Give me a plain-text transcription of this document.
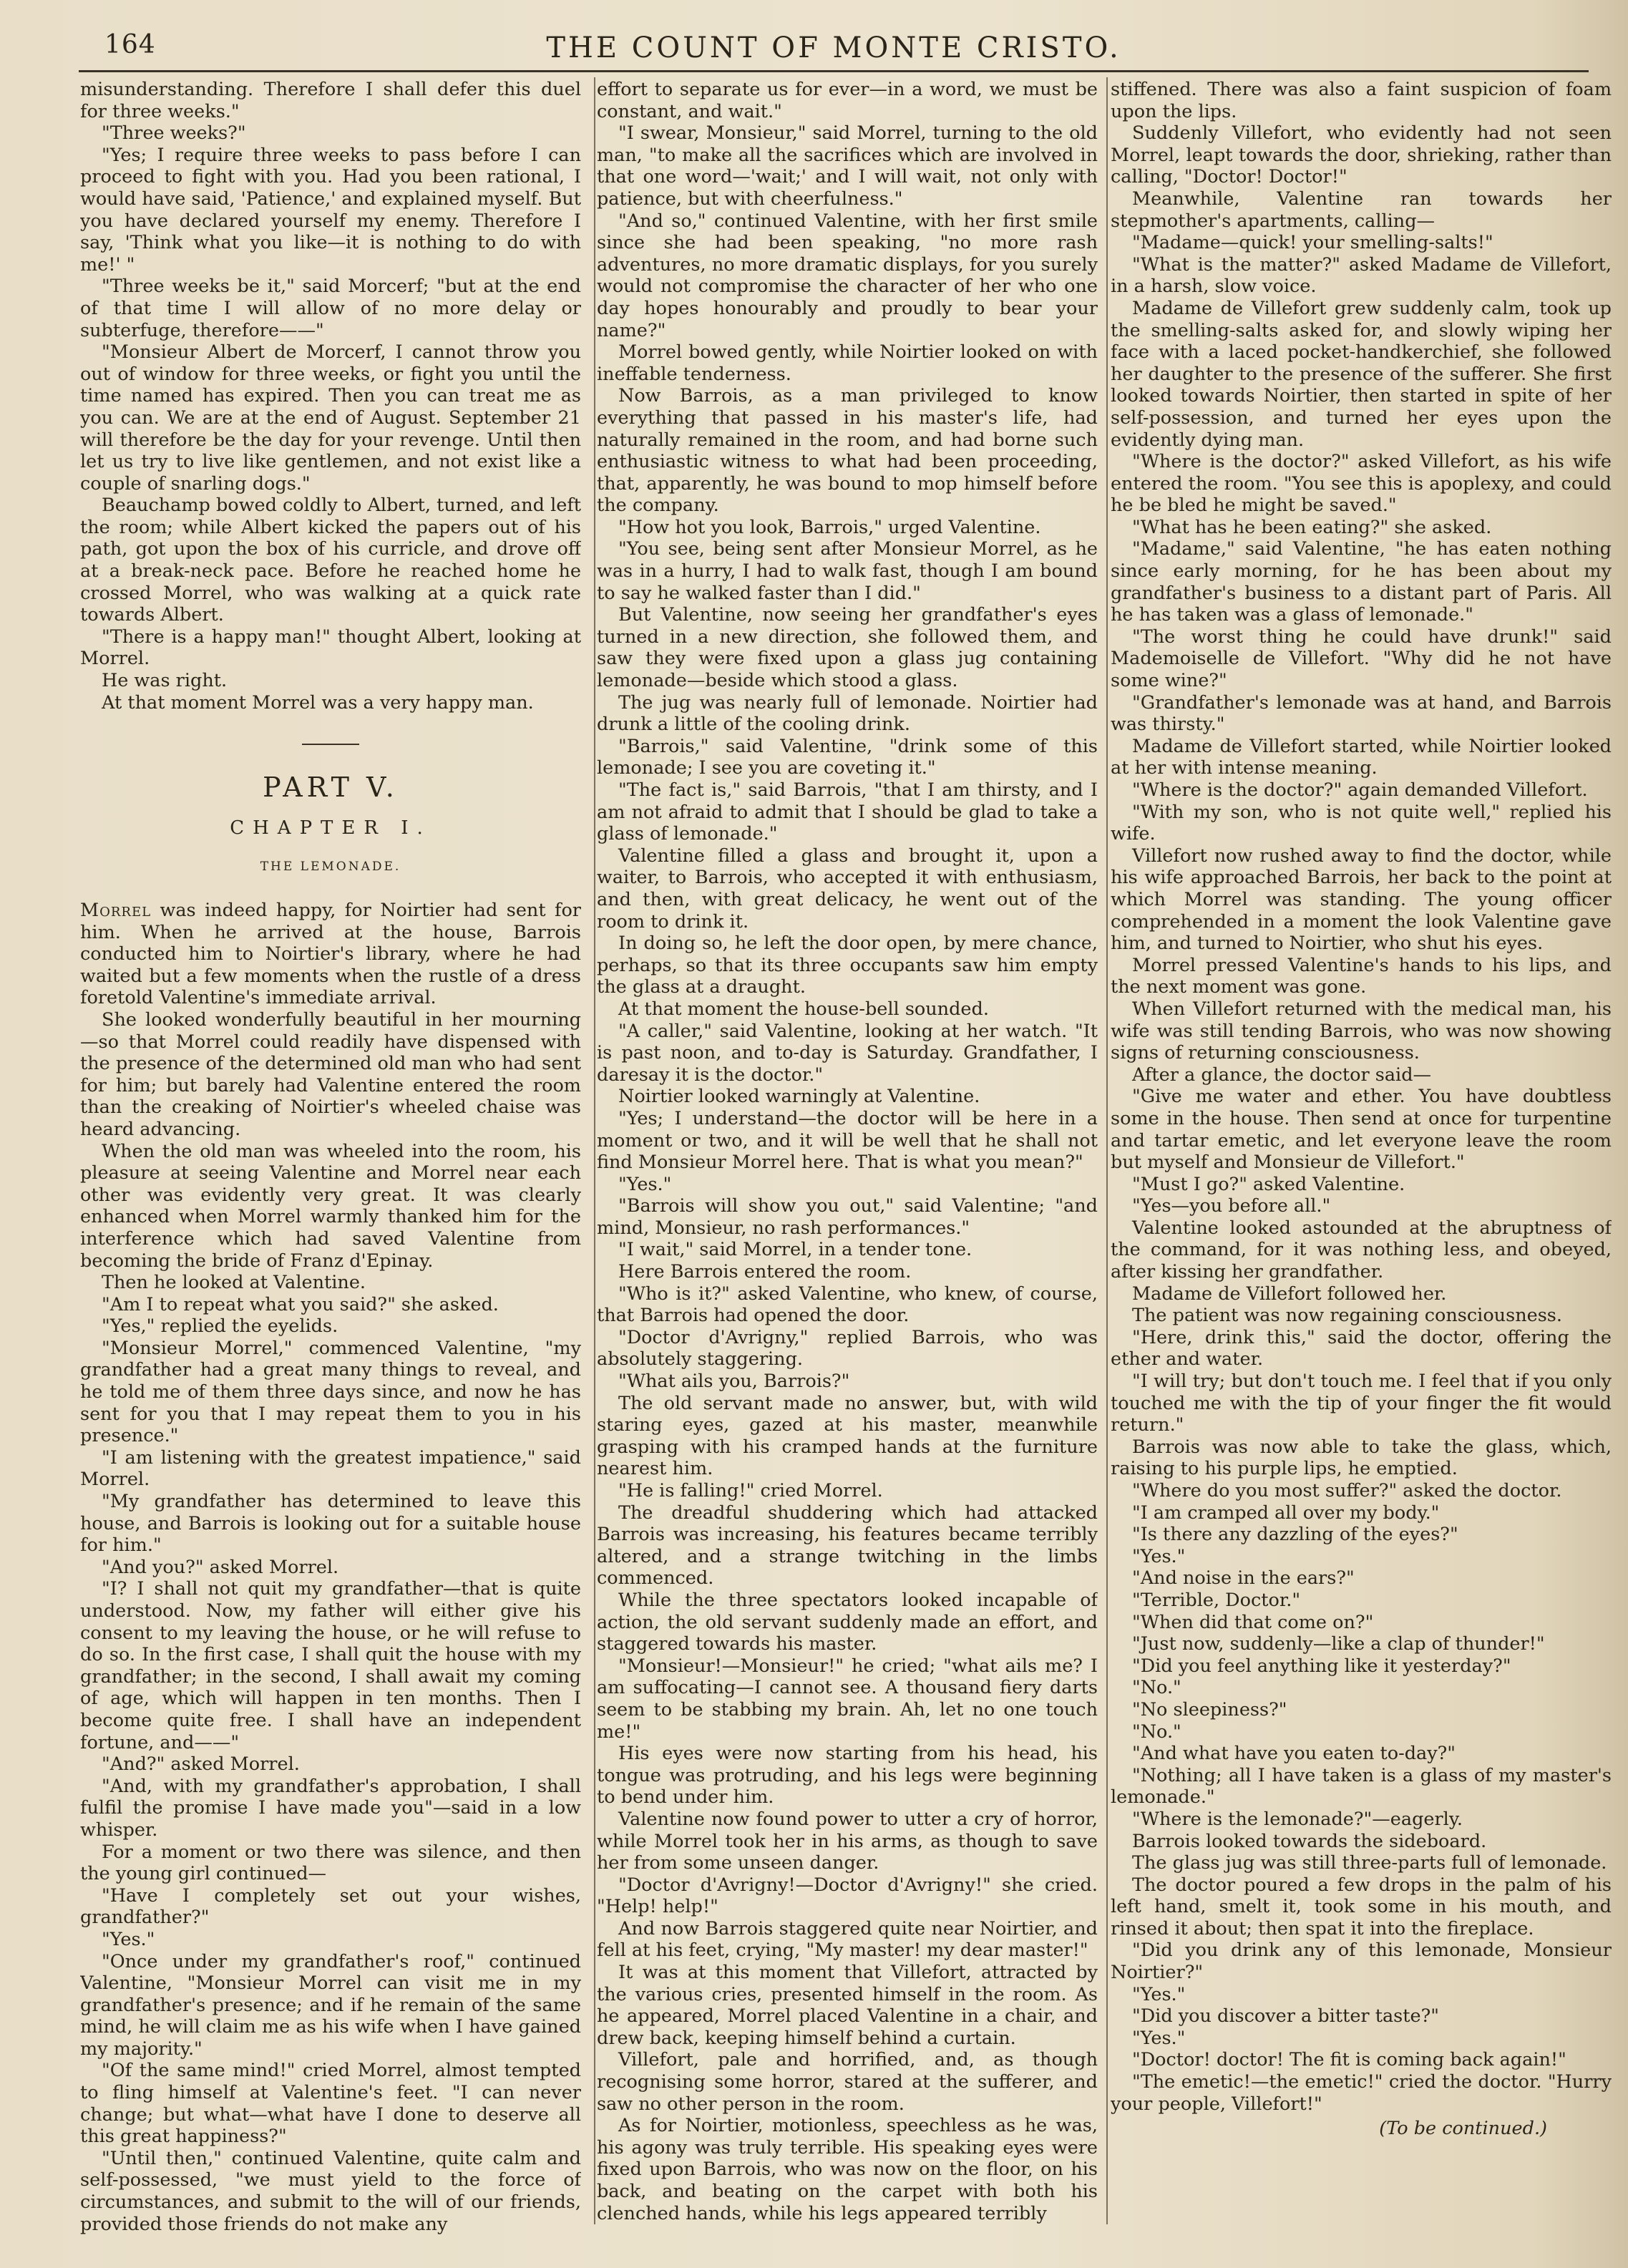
164	THE COUNT OF MONTE CRISTO.

misunderstanding. Therefore I shall defer this duel for three weeks."

"Three weeks?"

"Yes; I require three weeks to pass before I can proceed to fight with you. Had you been rational, I would have said, 'Patience,' and explained myself. But you have declared yourself my enemy. Therefore I say, 'Think what you like—it is nothing to do with me!' "

"Three weeks be it," said Morcerf; "but at the end of that time I will allow of no more delay or subterfuge, therefore——"

"Monsieur Albert de Morcerf, I cannot throw you out of window for three weeks, or fight you until the time named has expired. Then you can treat me as you can. We are at the end of August. September 21 will therefore be the day for your revenge. Until then let us try to live like gentlemen, and not exist like a couple of snarling dogs."

Beauchamp bowed coldly to Albert, turned, and left the room; while Albert kicked the papers out of his path, got upon the box of his curricle, and drove off at a break-neck pace. Before he reached home he crossed Morrel, who was walking at a quick rate towards Albert.

"There is a happy man!" thought Albert, looking at Morrel.

He was right.

At that moment Morrel was a very happy man.

PART V.
CHAPTER I.
THE LEMONADE.

Morrel was indeed happy, for Noirtier had sent for him. When he arrived at the house, Barrois conducted him to Noirtier's library, where he had waited but a few moments when the rustle of a dress foretold Valentine's immediate arrival.

She looked wonderfully beautiful in her mourning—so that Morrel could readily have dispensed with the presence of the determined old man who had sent for him; but barely had Valentine entered the room than the creaking of Noirtier's wheeled chaise was heard advancing.

When the old man was wheeled into the room, his pleasure at seeing Valentine and Morrel near each other was evidently very great. It was clearly enhanced when Morrel warmly thanked him for the interference which had saved Valentine from becoming the bride of Franz d'Epinay.

Then he looked at Valentine.

"Am I to repeat what you said?" she asked.

"Yes," replied the eyelids.

"Monsieur Morrel," commenced Valentine, "my grandfather had a great many things to reveal, and he told me of them three days since, and now he has sent for you that I may repeat them to you in his presence."

"I am listening with the greatest impatience," said Morrel.

"My grandfather has determined to leave this house, and Barrois is looking out for a suitable house for him."

"And you?" asked Morrel.

"I? I shall not quit my grandfather—that is quite understood. Now, my father will either give his consent to my leaving the house, or he will refuse to do so. In the first case, I shall quit the house with my grandfather; in the second, I shall await my coming of age, which will happen in ten months. Then I become quite free. I shall have an independent fortune, and——"

"And?" asked Morrel.

"And, with my grandfather's approbation, I shall fulfil the promise I have made you"—said in a low whisper.

For a moment or two there was silence, and then the young girl continued—

"Have I completely set out your wishes, grandfather?"

"Yes."

"Once under my grandfather's roof," continued Valentine, "Monsieur Morrel can visit me in my grandfather's presence; and if he remain of the same mind, he will claim me as his wife when I have gained my majority."

"Of the same mind!" cried Morrel, almost tempted to fling himself at Valentine's feet. "I can never change; but what—what have I done to deserve all this great happiness?"

"Until then," continued Valentine, quite calm and self-possessed, "we must yield to the force of circumstances, and submit to the will of our friends, provided those friends do not make any

effort to separate us for ever—in a word, we must be constant, and wait."

"I swear, Monsieur," said Morrel, turning to the old man, "to make all the sacrifices which are involved in that one word—'wait;' and I will wait, not only with patience, but with cheerfulness."

"And so," continued Valentine, with her first smile since she had been speaking, "no more rash adventures, no more dramatic displays, for you surely would not compromise the character of her who one day hopes honourably and proudly to bear your name?"

Morrel bowed gently, while Noirtier looked on with ineffable tenderness.

Now Barrois, as a man privileged to know everything that passed in his master's life, had naturally remained in the room, and had borne such enthusiastic witness to what had been proceeding, that, apparently, he was bound to mop himself before the company.

"How hot you look, Barrois," urged Valentine.

"You see, being sent after Monsieur Morrel, as he was in a hurry, I had to walk fast, though I am bound to say he walked faster than I did."

But Valentine, now seeing her grandfather's eyes turned in a new direction, she followed them, and saw they were fixed upon a glass jug containing lemonade—beside which stood a glass.

The jug was nearly full of lemonade. Noirtier had drunk a little of the cooling drink.

"Barrois," said Valentine, "drink some of this lemonade; I see you are coveting it."

"The fact is," said Barrois, "that I am thirsty, and I am not afraid to admit that I should be glad to take a glass of lemonade."

Valentine filled a glass and brought it, upon a waiter, to Barrois, who accepted it with enthusiasm, and then, with great delicacy, he went out of the room to drink it.

In doing so, he left the door open, by mere chance, perhaps, so that its three occupants saw him empty the glass at a draught.

At that moment the house-bell sounded.

"A caller," said Valentine, looking at her watch. "It is past noon, and to-day is Saturday. Grandfather, I daresay it is the doctor."

Noirtier looked warningly at Valentine.

"Yes; I understand—the doctor will be here in a moment or two, and it will be well that he shall not find Monsieur Morrel here. That is what you mean?"

"Yes."

"Barrois will show you out," said Valentine; "and mind, Monsieur, no rash performances."

"I wait," said Morrel, in a tender tone.

Here Barrois entered the room.

"Who is it?" asked Valentine, who knew, of course, that Barrois had opened the door.

"Doctor d'Avrigny," replied Barrois, who was absolutely staggering.

"What ails you, Barrois?"

The old servant made no answer, but, with wild staring eyes, gazed at his master, meanwhile grasping with his cramped hands at the furniture nearest him.

"He is falling!" cried Morrel.

The dreadful shuddering which had attacked Barrois was increasing, his features became terribly altered, and a strange twitching in the limbs commenced.

While the three spectators looked incapable of action, the old servant suddenly made an effort, and staggered towards his master.

"Monsieur!—Monsieur!" he cried; "what ails me? I am suffocating—I cannot see. A thousand fiery darts seem to be stabbing my brain. Ah, let no one touch me!"

His eyes were now starting from his head, his tongue was protruding, and his legs were beginning to bend under him.

Valentine now found power to utter a cry of horror, while Morrel took her in his arms, as though to save her from some unseen danger.

"Doctor d'Avrigny!—Doctor d'Avrigny!" she cried. "Help! help!"

And now Barrois staggered quite near Noirtier, and fell at his feet, crying, "My master! my dear master!"

It was at this moment that Villefort, attracted by the various cries, presented himself in the room. As he appeared, Morrel placed Valentine in a chair, and drew back, keeping himself behind a curtain.

Villefort, pale and horrified, and, as though recognising some horror, stared at the sufferer, and saw no other person in the room.

As for Noirtier, motionless, speechless as he was, his agony was truly terrible. His speaking eyes were fixed upon Barrois, who was now on the floor, on his back, and beating on the carpet with both his clenched hands, while his legs appeared terribly

stiffened. There was also a faint suspicion of foam upon the lips.

Suddenly Villefort, who evidently had not seen Morrel, leapt towards the door, shrieking, rather than calling, "Doctor! Doctor!"

Meanwhile, Valentine ran towards her stepmother's apartments, calling—

"Madame—quick! your smelling-salts!"

"What is the matter?" asked Madame de Villefort, in a harsh, slow voice.

Madame de Villefort grew suddenly calm, took up the smelling-salts asked for, and slowly wiping her face with a laced pocket-handkerchief, she followed her daughter to the presence of the sufferer. She first looked towards Noirtier, then started in spite of her self-possession, and turned her eyes upon the evidently dying man.

"Where is the doctor?" asked Villefort, as his wife entered the room. "You see this is apoplexy, and could he be bled he might be saved."

"What has he been eating?" she asked.

"Madame," said Valentine, "he has eaten nothing since early morning, for he has been about my grandfather's business to a distant part of Paris. All he has taken was a glass of lemonade."

"The worst thing he could have drunk!" said Mademoiselle de Villefort. "Why did he not have some wine?"

"Grandfather's lemonade was at hand, and Barrois was thirsty."

Madame de Villefort started, while Noirtier looked at her with intense meaning.

"Where is the doctor?" again demanded Villefort.

"With my son, who is not quite well," replied his wife.

Villefort now rushed away to find the doctor, while his wife approached Barrois, her back to the point at which Morrel was standing. The young officer comprehended in a moment the look Valentine gave him, and turned to Noirtier, who shut his eyes.

Morrel pressed Valentine's hands to his lips, and the next moment was gone.

When Villefort returned with the medical man, his wife was still tending Barrois, who was now showing signs of returning consciousness.

After a glance, the doctor said—

"Give me water and ether. You have doubtless some in the house. Then send at once for turpentine and tartar emetic, and let everyone leave the room but myself and Monsieur de Villefort."

"Must I go?" asked Valentine.

"Yes—you before all."

Valentine looked astounded at the abruptness of the command, for it was nothing less, and obeyed, after kissing her grandfather.

Madame de Villefort followed her.

The patient was now regaining consciousness.

"Here, drink this," said the doctor, offering the ether and water.

"I will try; but don't touch me. I feel that if you only touched me with the tip of your finger the fit would return."

Barrois was now able to take the glass, which, raising to his purple lips, he emptied.

"Where do you most suffer?" asked the doctor.

"I am cramped all over my body."

"Is there any dazzling of the eyes?"

"Yes."

"And noise in the ears?"

"Terrible, Doctor."

"When did that come on?"

"Just now, suddenly—like a clap of thunder!"

"Did you feel anything like it yesterday?"

"No."

"No sleepiness?"

"No."

"And what have you eaten to-day?"

"Nothing; all I have taken is a glass of my master's lemonade."

"Where is the lemonade?"—eagerly.

Barrois looked towards the sideboard.

The glass jug was still three-parts full of lemonade.

The doctor poured a few drops in the palm of his left hand, smelt it, took some in his mouth, and rinsed it about; then spat it into the fireplace.

"Did you drink any of this lemonade, Monsieur Noirtier?"

"Yes."

"Did you discover a bitter taste?"

"Yes."

"Doctor! doctor! The fit is coming back again!"

"The emetic!—the emetic!" cried the doctor. "Hurry your people, Villefort!"

(To be continued.)
